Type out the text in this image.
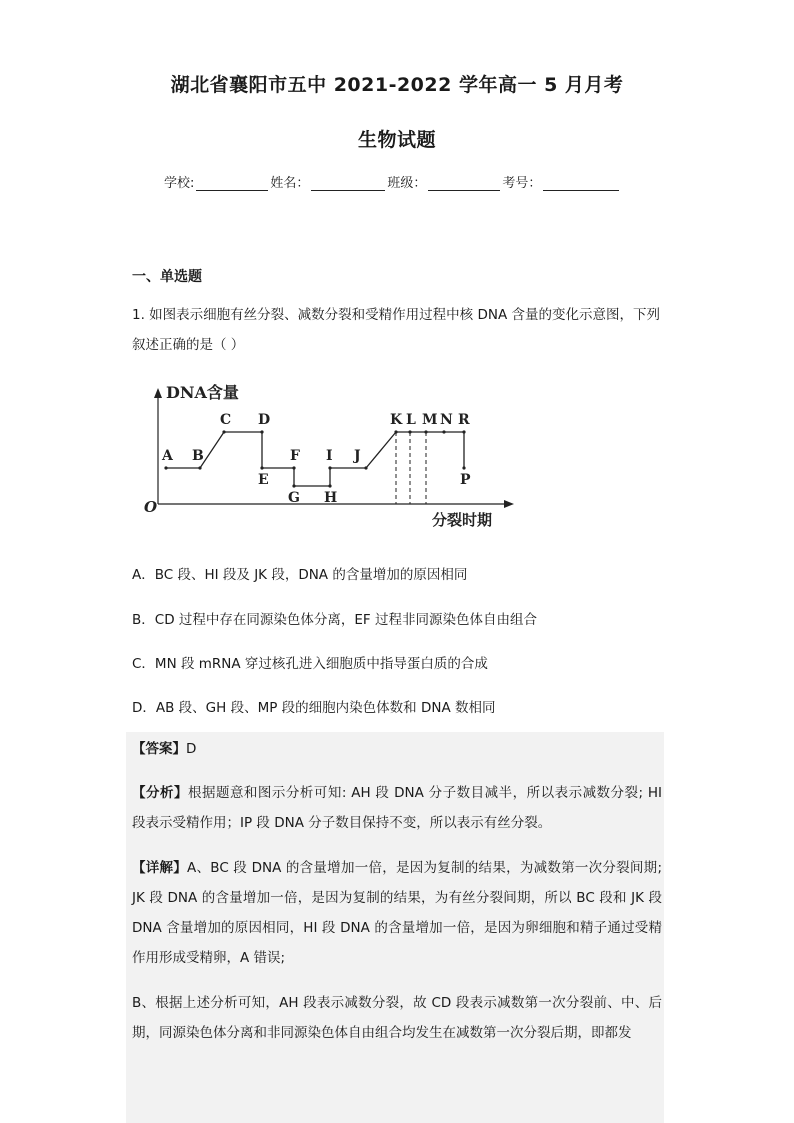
湖北省襄阳市五中 2021-2022 学年高一 5 月月考
生物试题
学校:	姓名：	班级：	考号：
一、单选题
1. 如图表示细胞有丝分裂、减数分裂和受精作用过程中核 DNA 含量的变化示意图，下列叙述正确的是（ ）
DNA含量
分裂时期
O
A B
C D
E
F
G H
I J
K L M N R
P
A．BC 段、HI 段及 JK 段，DNA 的含量增加的原因相同
B．CD 过程中存在同源染色体分离，EF 过程非同源染色体自由组合
C．MN 段 mRNA 穿过核孔进入细胞质中指导蛋白质的合成
D．AB 段、GH 段、MP 段的细胞内染色体数和 DNA 数相同
【答案】D
【分析】根据题意和图示分析可知: AH 段 DNA 分子数目减半，所以表示减数分裂; HI 段表示受精作用；IP 段 DNA 分子数目保持不变，所以表示有丝分裂。
【详解】A、BC 段 DNA 的含量增加一倍，是因为复制的结果，为减数第一次分裂间期; JK 段 DNA 的含量增加一倍，是因为复制的结果，为有丝分裂间期，所以 BC 段和 JK 段 DNA 含量增加的原因相同，HI 段 DNA 的含量增加一倍，是因为卵细胞和精子通过受精作用形成受精卵，A 错误;
B、根据上述分析可知，AH 段表示减数分裂，故 CD 段表示减数第一次分裂前、中、后期，同源染色体分离和非同源染色体自由组合均发生在减数第一次分裂后期，即都发
